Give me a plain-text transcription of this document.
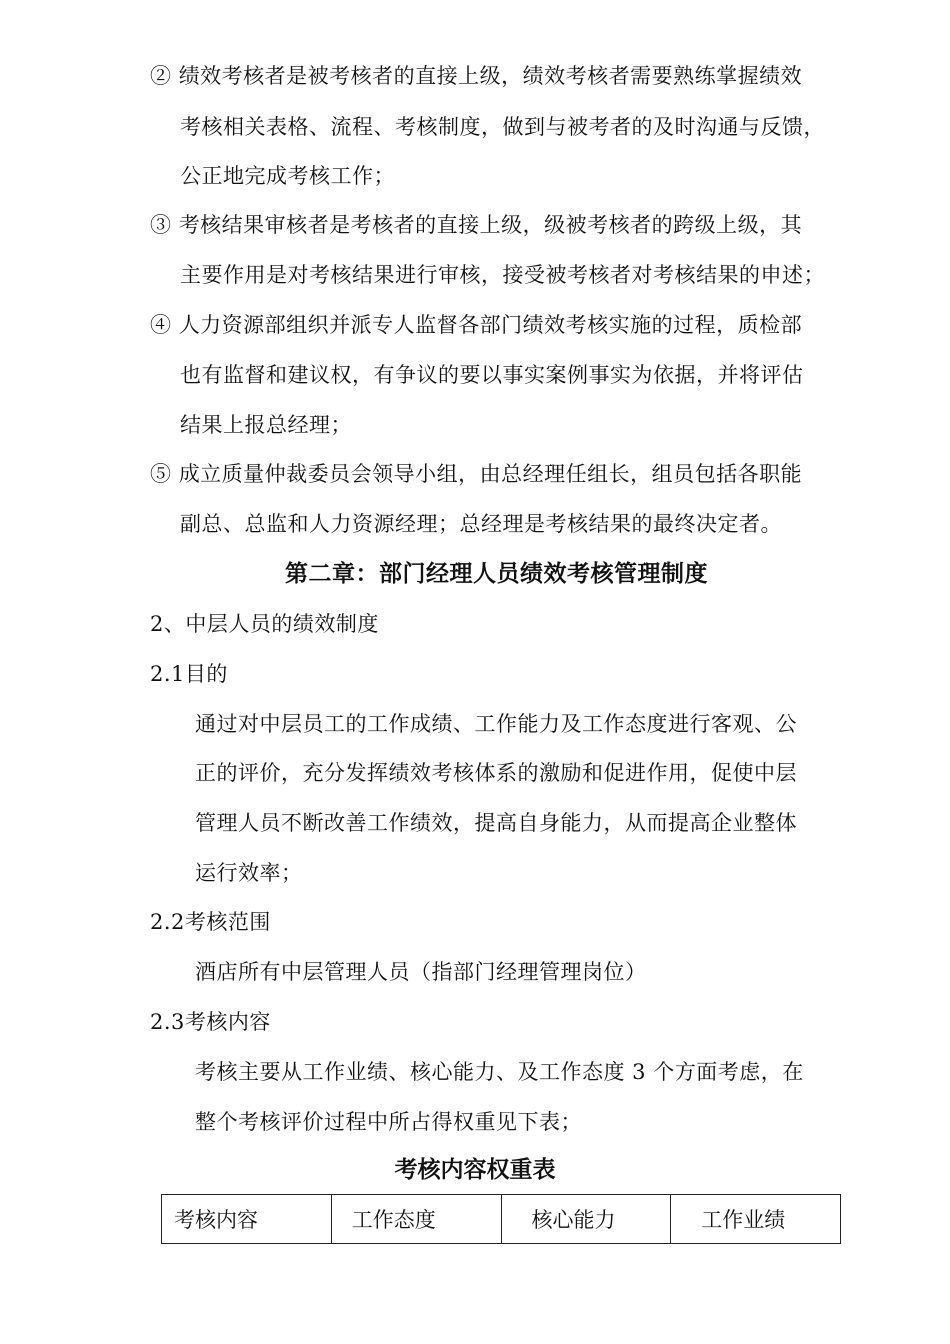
② 绩效考核者是被考核者的直接上级，绩效考核者需要熟练掌握绩效
考核相关表格、流程、考核制度，做到与被考者的及时沟通与反馈，
公正地完成考核工作；
③ 考核结果审核者是考核者的直接上级，级被考核者的跨级上级，其
主要作用是对考核结果进行审核，接受被考核者对考核结果的申述；
④ 人力资源部组织并派专人监督各部门绩效考核实施的过程，质检部
也有监督和建议权，有争议的要以事实案例事实为依据，并将评估
结果上报总经理；
⑤ 成立质量仲裁委员会领导小组，由总经理任组长，组员包括各职能
副总、总监和人力资源经理；总经理是考核结果的最终决定者。
第二章：部门经理人员绩效考核管理制度
2、中层人员的绩效制度
2.1目的
通过对中层员工的工作成绩、工作能力及工作态度进行客观、公
正的评价，充分发挥绩效考核体系的激励和促进作用，促使中层
管理人员不断改善工作绩效，提高自身能力，从而提高企业整体
运行效率；
2.2考核范围
酒店所有中层管理人员（指部门经理管理岗位）
2.3考核内容
考核主要从工作业绩、核心能力、及工作态度 3 个方面考虑，在
整个考核评价过程中所占得权重见下表；
考核内容权重表
考核内容	工作态度	核心能力	工作业绩
